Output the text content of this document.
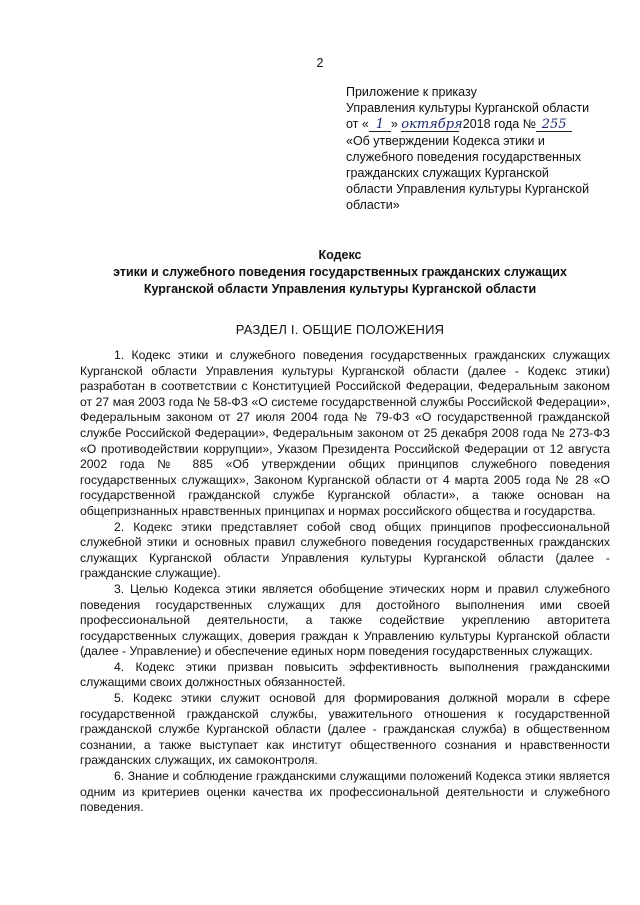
2
Приложение к приказу
Управления культуры Курганской области
от « 1 » октября 2018 года № 255
«Об утверждении Кодекса этики и
служебного поведения государственных
гражданских служащих Курганской
области Управления культуры Курганской
области»
Кодекс
этики и служебного поведения государственных гражданских служащих
Курганской области Управления культуры Курганской области
РАЗДЕЛ I. ОБЩИЕ ПОЛОЖЕНИЯ

1. Кодекс этики и служебного поведения государственных гражданских служащих Курганской области Управления культуры Курганской области (далее - Кодекс этики) разработан в соответствии с Конституцией Российской Федерации, Федеральным законом от 27 мая 2003 года № 58-ФЗ «О системе государственной службы Российской Федерации», Федеральным законом от 27 июля 2004 года № 79-ФЗ «О государственной гражданской службе Российской Федерации», Федеральным законом от 25 декабря 2008 года № 273-ФЗ «О противодействии коррупции», Указом Президента Российской Федерации от 12 августа 2002 года № 885 «Об утверждении общих принципов служебного поведения государственных служащих», Законом Курганской области от 4 марта 2005 года № 28 «О государственной гражданской службе Курганской области», а также основан на общепризнанных нравственных принципах и нормах российского общества и государства.

2. Кодекс этики представляет собой свод общих принципов профессиональной служебной этики и основных правил служебного поведения государственных гражданских служащих Курганской области Управления культуры Курганской области (далее - гражданские служащие).

3. Целью Кодекса этики является обобщение этических норм и правил служебного поведения государственных служащих для достойного выполнения ими своей профессиональной деятельности, а также содействие укреплению авторитета государственных служащих, доверия граждан к Управлению культуры Курганской области (далее - Управление) и обеспечение единых норм поведения государственных служащих.

4. Кодекс этики призван повысить эффективность выполнения гражданскими служащими своих должностных обязанностей.

5. Кодекс этики служит основой для формирования должной морали в сфере государственной гражданской службы, уважительного отношения к государственной гражданской службе Курганской области (далее - гражданская служба) в общественном сознании, а также выступает как институт общественного сознания и нравственности гражданских служащих, их самоконтроля.

6. Знание и соблюдение гражданскими служащими положений Кодекса этики является одним из критериев оценки качества их профессиональной деятельности и служебного поведения.
